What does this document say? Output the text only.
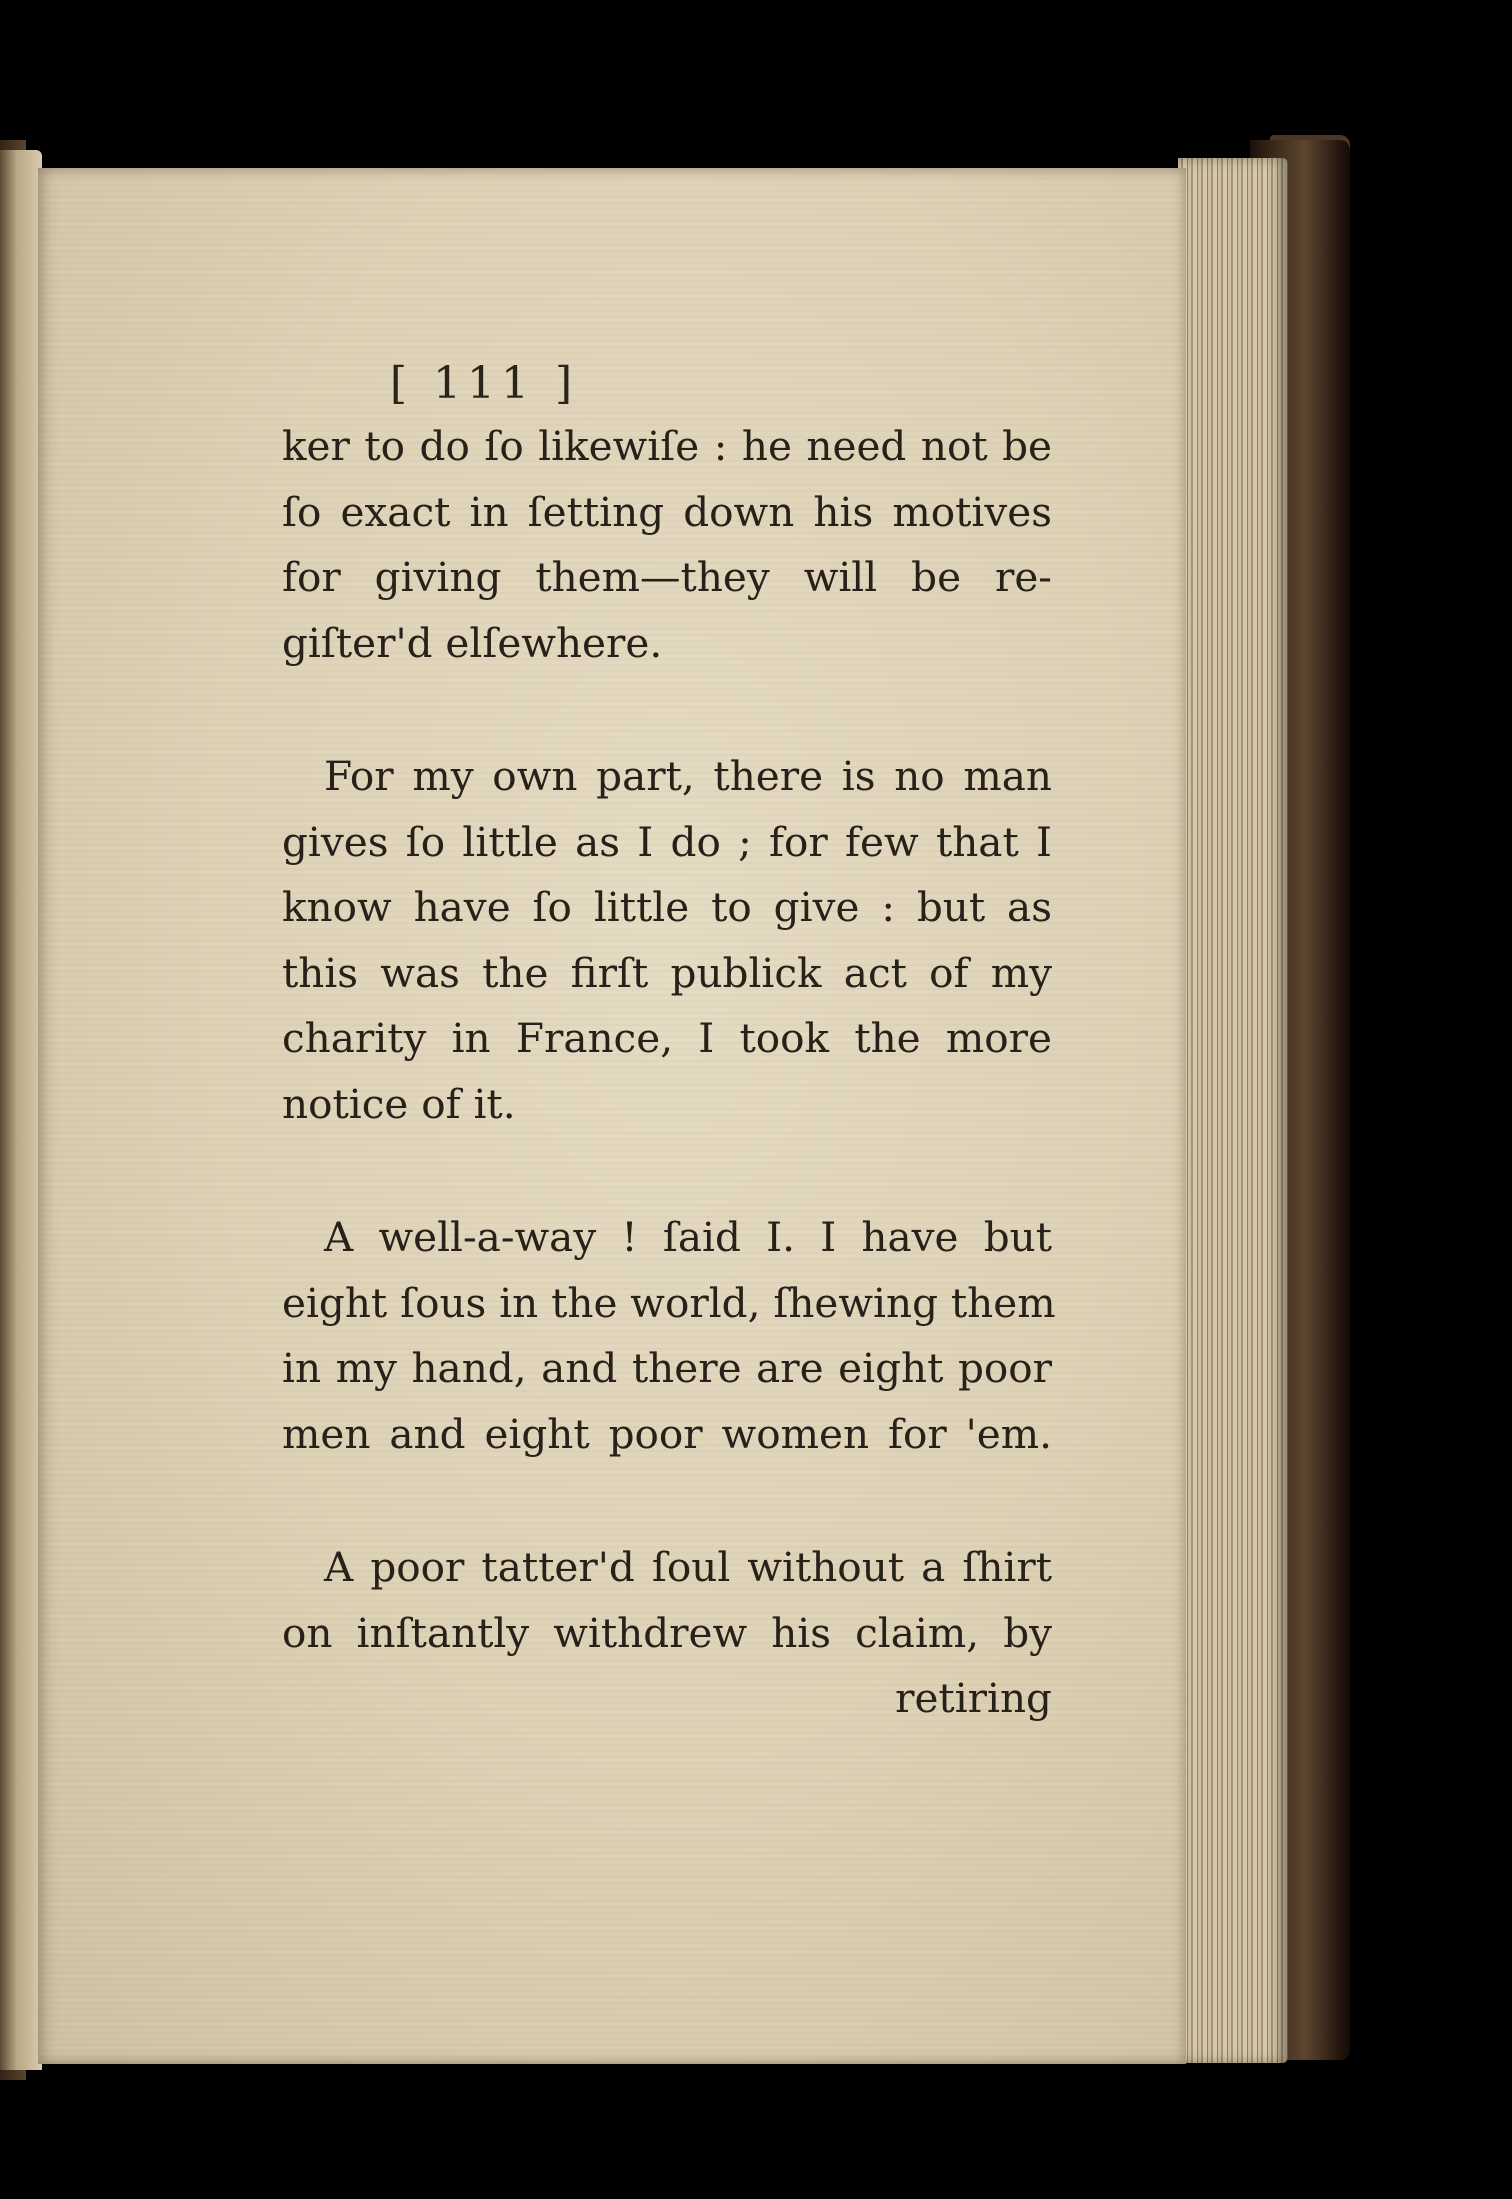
[ 111 ]
ker to do ſo likewiſe : he need not be
ſo exact in ſetting down his motives
for giving them—they will be re-
giſter'd elſewhere.
For my own part, there is no man
gives ſo little as I do ; for few that I
know have ſo little to give : but as
this was the firſt publick act of my
charity in France, I took the more
notice of it.
A well-a-way ! ſaid I. I have but
eight ſous in the world, ſhewing them
in my hand, and there are eight poor
men and eight poor women for 'em.
A poor tatter'd ſoul without a ſhirt
on inſtantly withdrew his claim, by
retiring
